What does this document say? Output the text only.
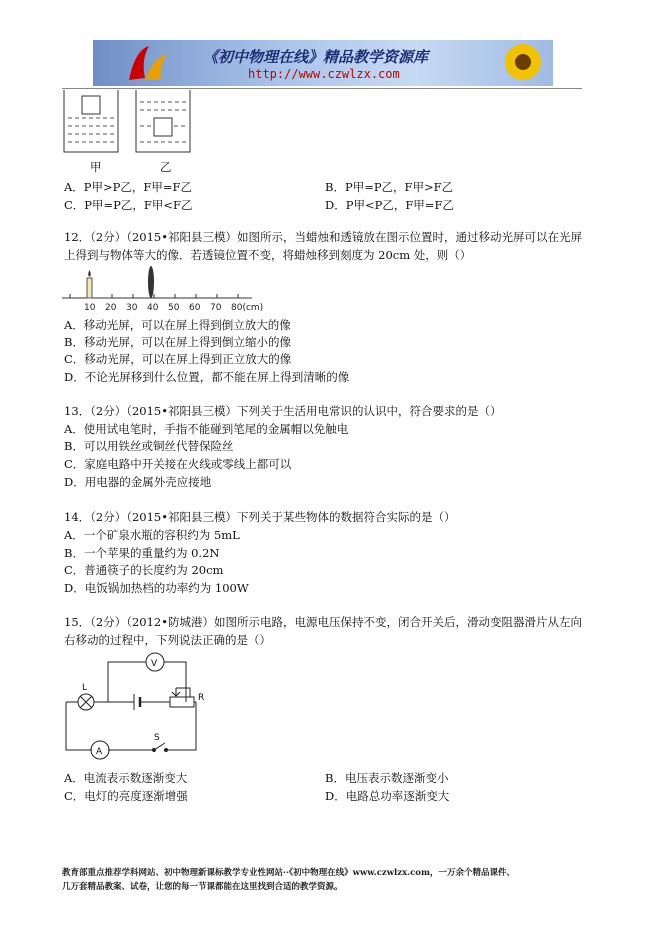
《初中物理在线》精品教学资源库
http://www.czwlzx.com
甲	乙
A．P甲>P乙，F甲=F乙	B．P甲=P乙，F甲>F乙
C．P甲=P乙，F甲<F乙	D．P甲<P乙，F甲=F乙
12．（2分）（2015•祁阳县三模）如图所示，当蜡烛和透镜放在图示位置时，通过移动光屏可以在光屏
上得到与物体等大的像．若透镜位置不变，将蜡烛移到刻度为 20cm 处，则（）
10 20 30 40 50 60 70 80(cm)
A．移动光屏，可以在屏上得到倒立放大的像
B．移动光屏，可以在屏上得到倒立缩小的像
C．移动光屏，可以在屏上得到正立放大的像
D．不论光屏移到什么位置，都不能在屏上得到清晰的像
13．（2分）（2015•祁阳县三模）下列关于生活用电常识的认识中，符合要求的是（）
A．使用试电笔时，手指不能碰到笔尾的金属帽以免触电
B．可以用铁丝或铜丝代替保险丝
C．家庭电路中开关接在火线或零线上都可以
D．用电器的金属外壳应接地
14．（2分）（2015•祁阳县三模）下列关于某些物体的数据符合实际的是（）
A．一个矿泉水瓶的容积约为 5mL
B．一个苹果的重量约为 0.2N
C．普通筷子的长度约为 20cm
D．电饭锅加热档的功率约为 100W
15．（2分）（2012•防城港）如图所示电路，电源电压保持不变，闭合开关后，滑动变阻器滑片从左向
右移动的过程中，下列说法正确的是（）
V
L
R
A
S
A．电流表示数逐渐变大	B．电压表示数逐渐变小
C．电灯的亮度逐渐增强	D．电路总功率逐渐变大
教育部重点推荐学科网站、初中物理新课标教学专业性网站··《初中物理在线》www.czwlzx.com，一万余个精品课件、
几万套精品教案、试卷，让您的每一节课都能在这里找到合适的教学资源。
